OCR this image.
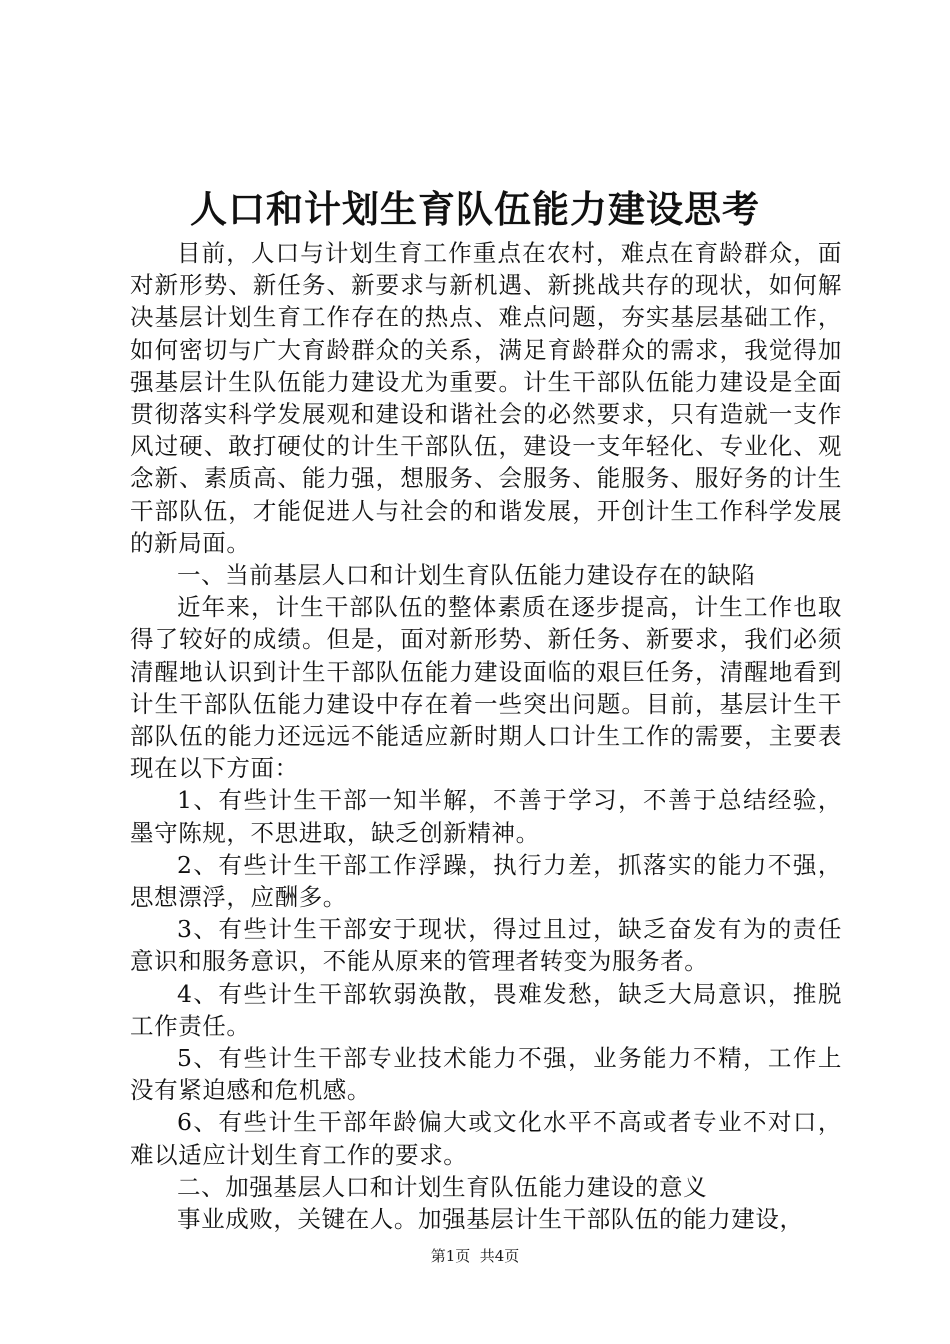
人口和计划生育队伍能力建设思考

目前，人口与计划生育工作重点在农村，难点在育龄群众，面对新形势、新任务、新要求与新机遇、新挑战共存的现状，如何解决基层计划生育工作存在的热点、难点问题，夯实基层基础工作，如何密切与广大育龄群众的关系，满足育龄群众的需求，我觉得加强基层计生队伍能力建设尤为重要。计生干部队伍能力建设是全面贯彻落实科学发展观和建设和谐社会的必然要求，只有造就一支作风过硬、敢打硬仗的计生干部队伍，建设一支年轻化、专业化、观念新、素质高、能力强，想服务、会服务、能服务、服好务的计生干部队伍，才能促进人与社会的和谐发展，开创计生工作科学发展的新局面。

一、当前基层人口和计划生育队伍能力建设存在的缺陷

近年来，计生干部队伍的整体素质在逐步提高，计生工作也取得了较好的成绩。但是，面对新形势、新任务、新要求，我们必须清醒地认识到计生干部队伍能力建设面临的艰巨任务，清醒地看到计生干部队伍能力建设中存在着一些突出问题。目前，基层计生干部队伍的能力还远远不能适应新时期人口计生工作的需要，主要表现在以下方面：

1、有些计生干部一知半解，不善于学习，不善于总结经验，墨守陈规，不思进取，缺乏创新精神。

2、有些计生干部工作浮躁，执行力差，抓落实的能力不强，思想漂浮，应酬多。

3、有些计生干部安于现状，得过且过，缺乏奋发有为的责任意识和服务意识，不能从原来的管理者转变为服务者。

4、有些计生干部软弱涣散，畏难发愁，缺乏大局意识，推脱工作责任。

5、有些计生干部专业技术能力不强，业务能力不精，工作上没有紧迫感和危机感。

6、有些计生干部年龄偏大或文化水平不高或者专业不对口，难以适应计划生育工作的要求。

二、加强基层人口和计划生育队伍能力建设的意义

事业成败，关键在人。加强基层计生干部队伍的能力建设，

第1页  共4页
